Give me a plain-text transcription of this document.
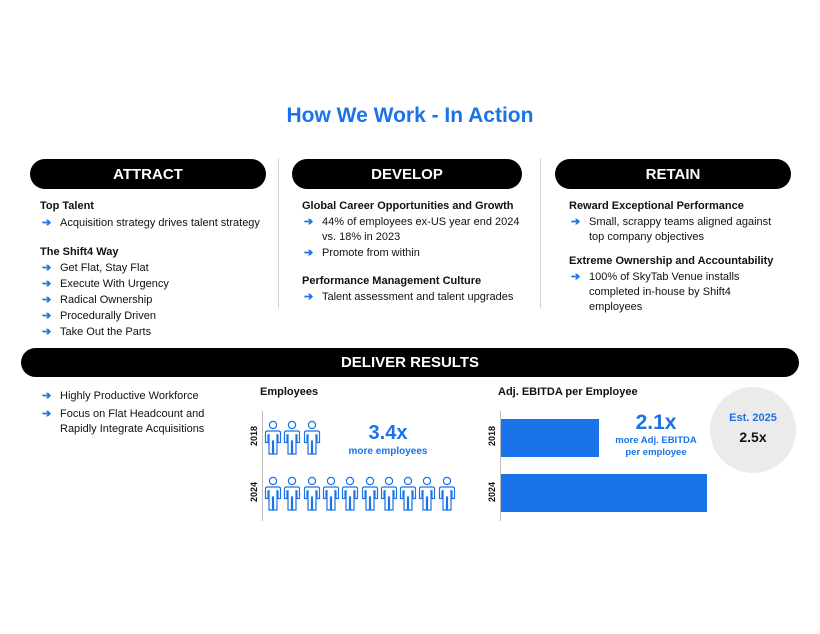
How We Work - In Action
ATTRACT	DEVELOP	RETAIN
Top Talent
➔ Acquisition strategy drives talent strategy
The Shift4 Way
➔ Get Flat, Stay Flat
➔ Execute With Urgency
➔ Radical Ownership
➔ Procedurally Driven
➔ Take Out the Parts
Global Career Opportunities and Growth
➔ 44% of employees ex-US year end 2024
vs. 18% in 2023
➔ Promote from within
Performance Management Culture
➔ Talent assessment and talent upgrades
Reward Exceptional Performance
➔ Small, scrappy teams aligned against
top company objectives
Extreme Ownership and Accountability
➔ 100% of SkyTab Venue installs
completed in-house by Shift4
employees
DELIVER RESULTS
➔ Highly Productive Workforce
➔ Focus on Flat Headcount and
Rapidly Integrate Acquisitions
Employees
2018
2024
3.4x
more employees
Adj. EBITDA per Employee
2018
2024
2.1x
more Adj. EBITDA
per employee
Est. 2025
2.5x
